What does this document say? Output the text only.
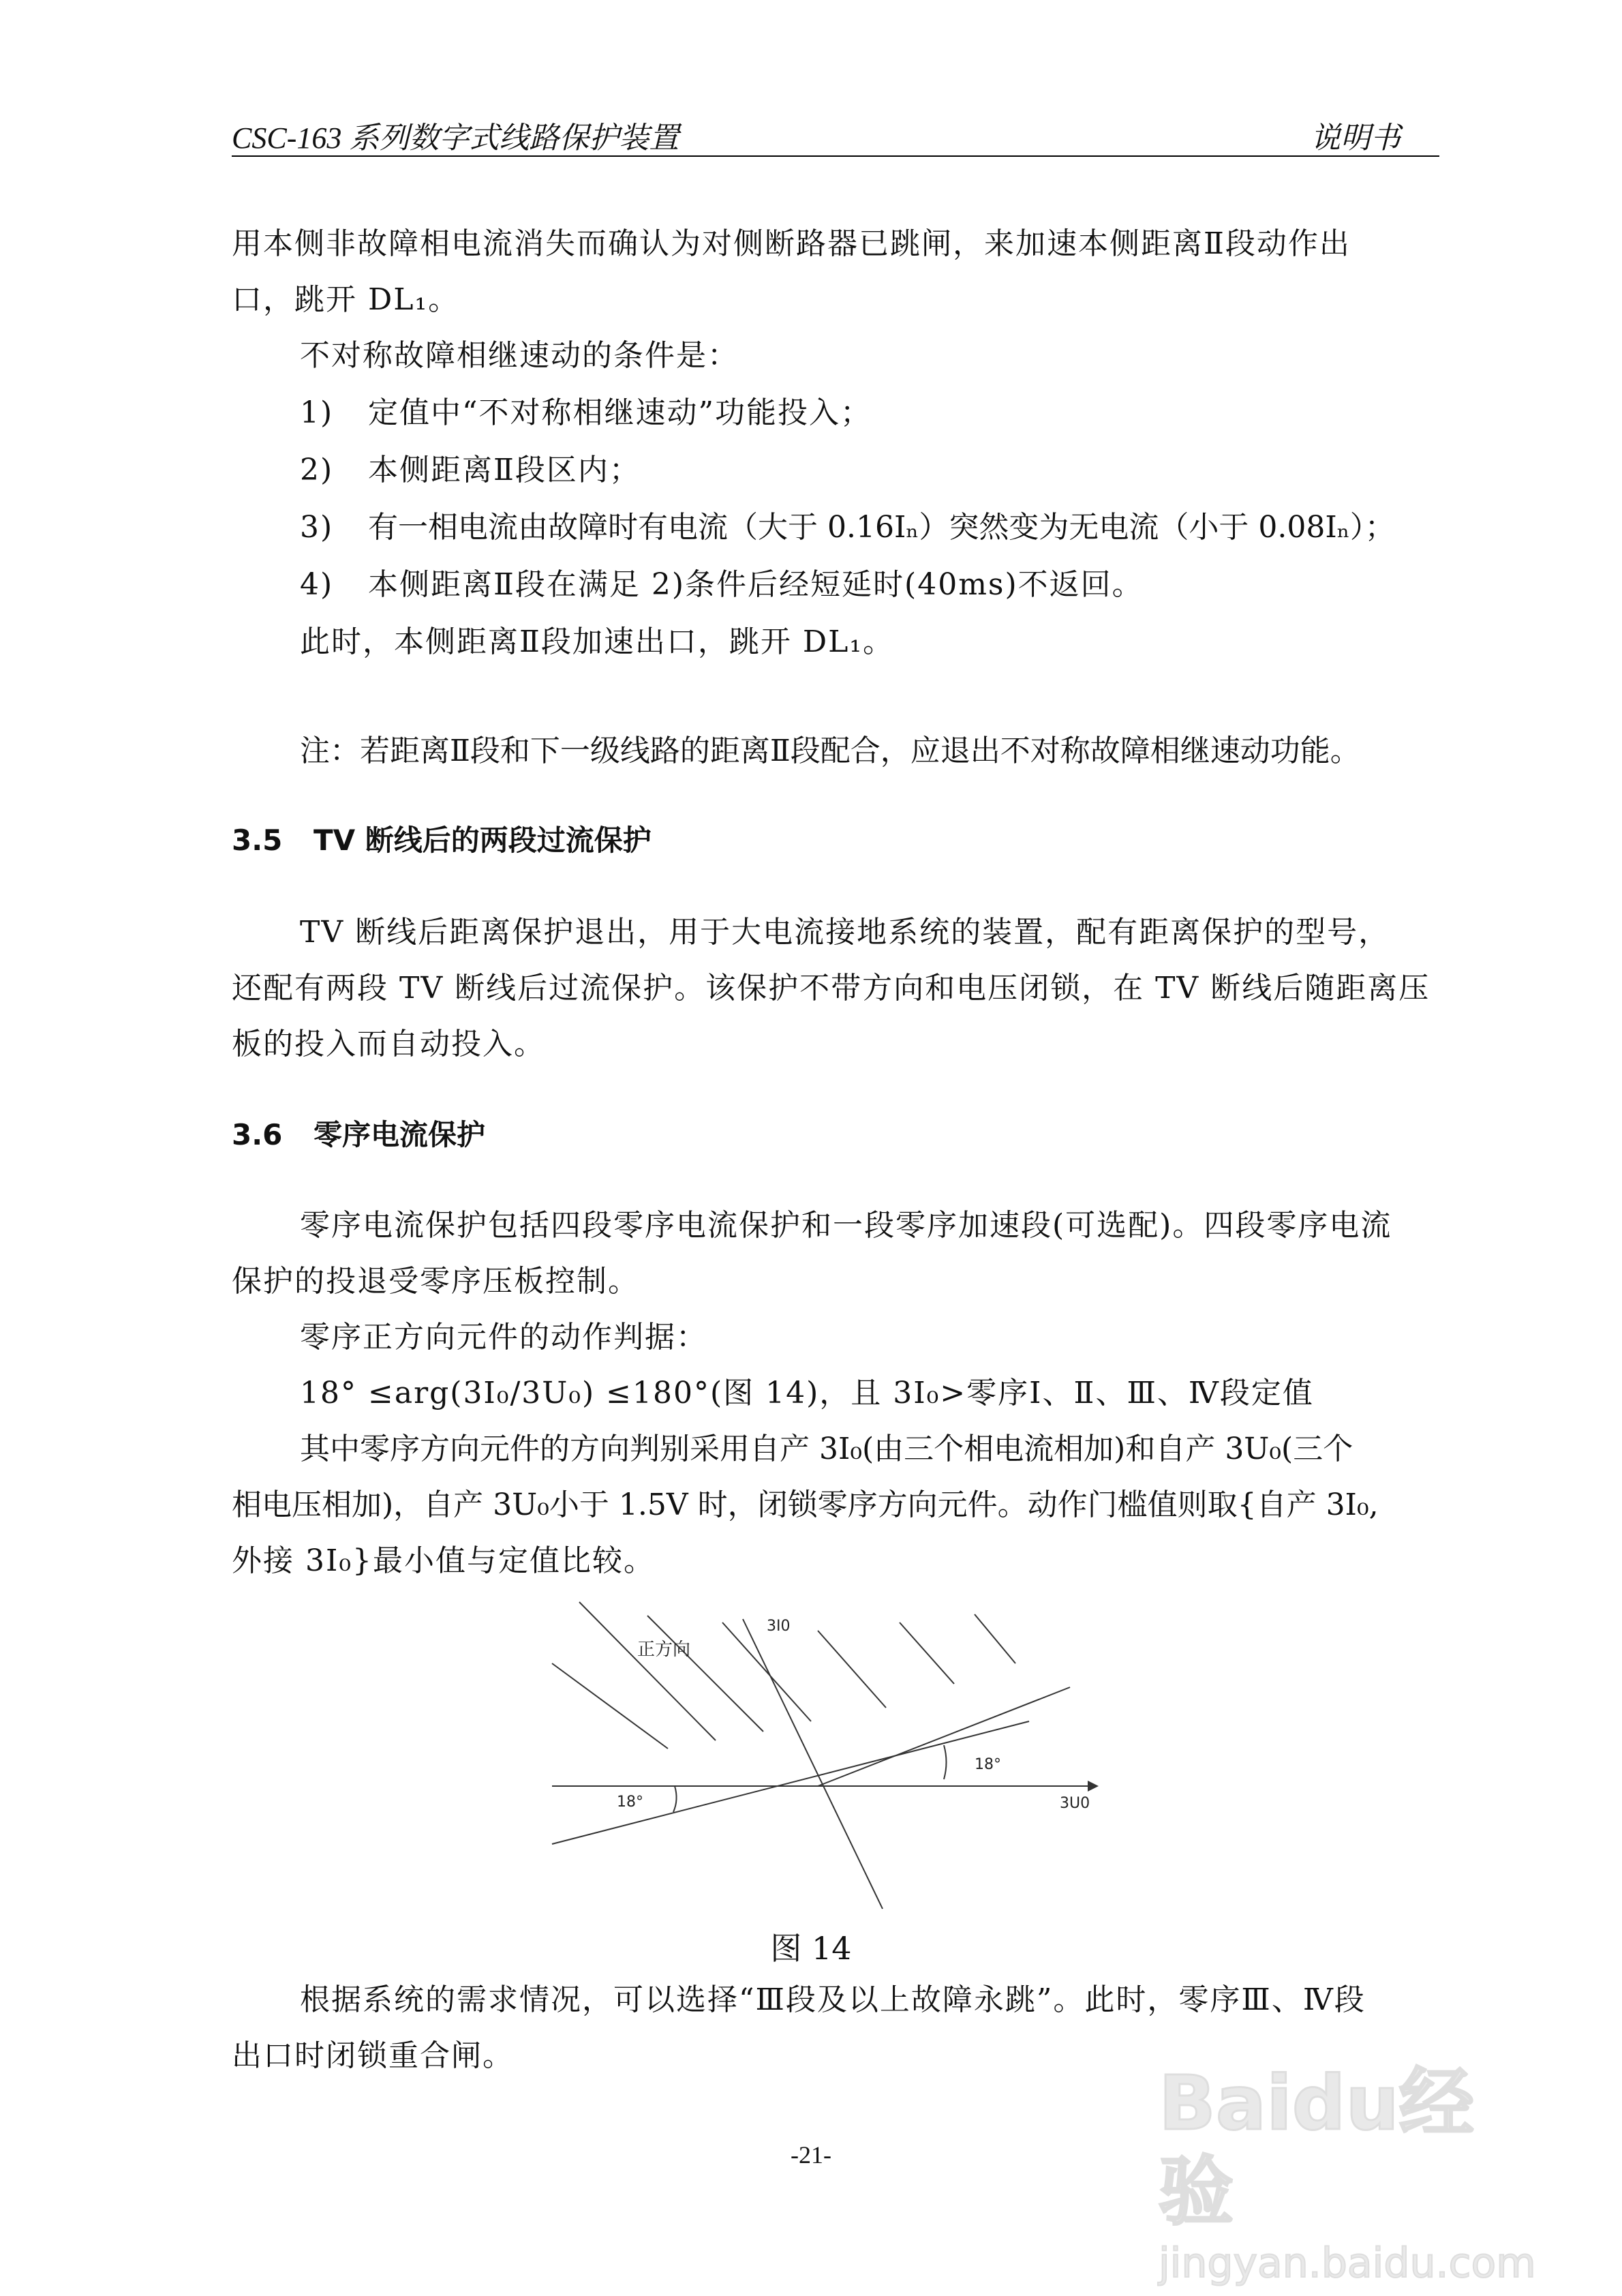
CSC-163 系列数字式线路保护装置	说明书
用本侧非故障相电流消失而确认为对侧断路器已跳闸，来加速本侧距离Ⅱ段动作出
口，跳开 DL₁。
不对称故障相继速动的条件是：
1) 定值中“不对称相继速动”功能投入；
2) 本侧距离Ⅱ段区内；
3) 有一相电流由故障时有电流（大于 0.16Iₙ）突然变为无电流（小于 0.08Iₙ）；
4) 本侧距离Ⅱ段在满足 2)条件后经短延时(40ms)不返回。
此时，本侧距离Ⅱ段加速出口，跳开 DL₁。
注：若距离Ⅱ段和下一级线路的距离Ⅱ段配合，应退出不对称故障相继速动功能。
3.5 TV 断线后的两段过流保护
TV 断线后距离保护退出，用于大电流接地系统的装置，配有距离保护的型号，
还配有两段 TV 断线后过流保护。该保护不带方向和电压闭锁，在 TV 断线后随距离压
板的投入而自动投入。
3.6 零序电流保护
零序电流保护包括四段零序电流保护和一段零序加速段(可选配)。四段零序电流
保护的投退受零序压板控制。
零序正方向元件的动作判据：
18° ≤arg(3I₀/3U₀) ≤180°(图 14)，且 3I₀>零序Ⅰ、Ⅱ、Ⅲ、Ⅳ段定值
其中零序方向元件的方向判别采用自产 3I₀(由三个相电流相加)和自产 3U₀(三个
相电压相加)，自产 3U₀小于 1.5V 时，闭锁零序方向元件。动作门槛值则取{自产 3I₀,
外接 3I₀}最小值与定值比较。
3I0
正方向
18°
18°	3U0
图 14
根据系统的需求情况，可以选择“Ⅲ段及以上故障永跳”。此时，零序Ⅲ、Ⅳ段
出口时闭锁重合闸。
-21-
Baidu经验
jingyan.baidu.com
